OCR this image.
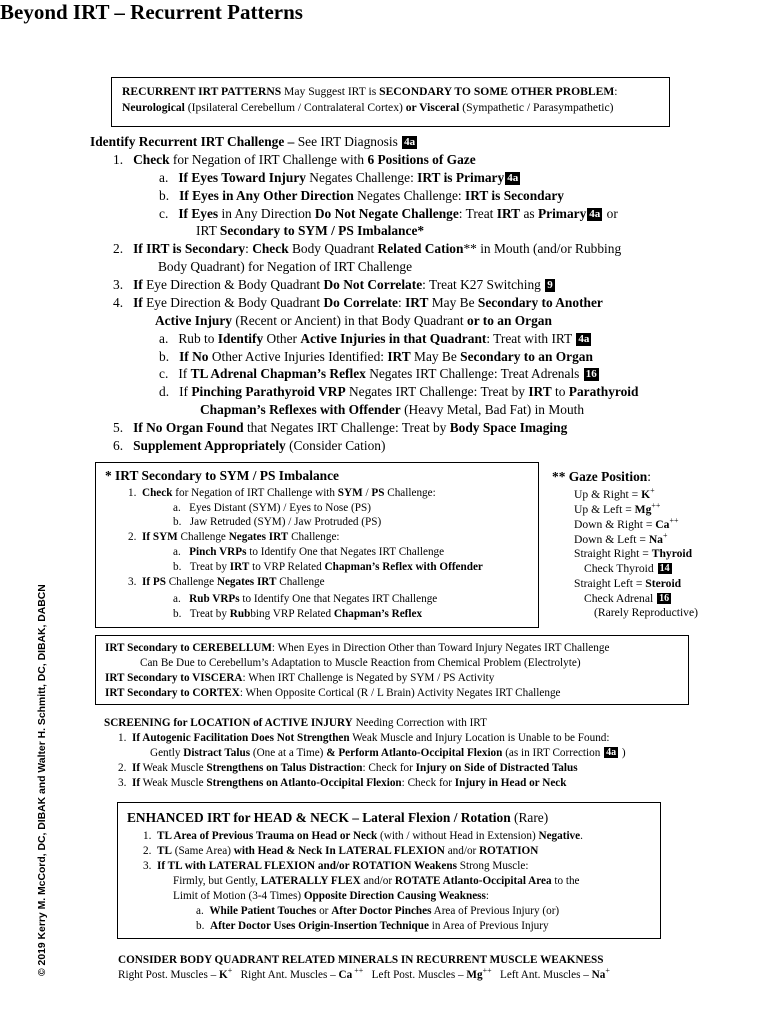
Beyond IRT – Recurrent Patterns
RECURRENT IRT PATTERNS May Suggest IRT is SECONDARY TO SOME OTHER PROBLEM:
Neurological (Ipsilateral Cerebellum / Contralateral Cortex) or Visceral (Sympathetic / Parasympathetic)
Identify Recurrent IRT Challenge – See IRT Diagnosis 4a
1. Check for Negation of IRT Challenge with 6 Positions of Gaze
a. If Eyes Toward Injury Negates Challenge: IRT is Primary 4a
b. If Eyes in Any Other Direction Negates Challenge: IRT is Secondary
c. If Eyes in Any Direction Do Not Negate Challenge: Treat IRT as Primary 4a or
IRT Secondary to SYM / PS Imbalance*
2. If IRT is Secondary: Check Body Quadrant Related Cation** in Mouth (and/or Rubbing
Body Quadrant) for Negation of IRT Challenge
3. If Eye Direction & Body Quadrant Do Not Correlate: Treat K27 Switching 9
4. If Eye Direction & Body Quadrant Do Correlate: IRT May Be Secondary to Another
Active Injury (Recent or Ancient) in that Body Quadrant or to an Organ
a. Rub to Identify Other Active Injuries in that Quadrant: Treat with IRT 4a
b. If No Other Active Injuries Identified: IRT May Be Secondary to an Organ
c. If TL Adrenal Chapman’s Reflex Negates IRT Challenge: Treat Adrenals 16
d. If Pinching Parathyroid VRP Negates IRT Challenge: Treat by IRT to Parathyroid
Chapman’s Reflexes with Offender (Heavy Metal, Bad Fat) in Mouth
5. If No Organ Found that Negates IRT Challenge: Treat by Body Space Imaging
6. Supplement Appropriately (Consider Cation)
* IRT Secondary to SYM / PS Imbalance
1. Check for Negation of IRT Challenge with SYM / PS Challenge:
a. Eyes Distant (SYM) / Eyes to Nose (PS)
b. Jaw Retruded (SYM) / Jaw Protruded (PS)
2. If SYM Challenge Negates IRT Challenge:
a. Pinch VRPs to Identify One that Negates IRT Challenge
b. Treat by IRT to VRP Related Chapman’s Reflex with Offender
3. If PS Challenge Negates IRT Challenge
a. Rub VRPs to Identify One that Negates IRT Challenge
b. Treat by Rubbing VRP Related Chapman’s Reflex
** Gaze Position:
Up & Right = K+
Up & Left = Mg++
Down & Right = Ca++
Down & Left = Na+
Straight Right = Thyroid
Check Thyroid 14
Straight Left = Steroid
Check Adrenal 16
(Rarely Reproductive)
IRT Secondary to CEREBELLUM: When Eyes in Direction Other than Toward Injury Negates IRT Challenge
Can Be Due to Cerebellum’s Adaptation to Muscle Reaction from Chemical Problem (Electrolyte)
IRT Secondary to VISCERA: When IRT Challenge is Negated by SYM / PS Activity
IRT Secondary to CORTEX: When Opposite Cortical (R / L Brain) Activity Negates IRT Challenge
SCREENING for LOCATION of ACTIVE INJURY Needing Correction with IRT
1. If Autogenic Facilitation Does Not Strengthen Weak Muscle and Injury Location is Unable to be Found:
Gently Distract Talus (One at a Time) & Perform Atlanto-Occipital Flexion (as in IRT Correction 4a )
2. If Weak Muscle Strengthens on Talus Distraction: Check for Injury on Side of Distracted Talus
3. If Weak Muscle Strengthens on Atlanto-Occipital Flexion: Check for Injury in Head or Neck
ENHANCED IRT for HEAD & NECK – Lateral Flexion / Rotation (Rare)
1. TL Area of Previous Trauma on Head or Neck (with / without Head in Extension) Negative.
2. TL (Same Area) with Head & Neck In LATERAL FLEXION and/or ROTATION
3. If TL with LATERAL FLEXION and/or ROTATION Weakens Strong Muscle:
Firmly, but Gently, LATERALLY FLEX and/or ROTATE Atlanto-Occipital Area to the
Limit of Motion (3-4 Times) Opposite Direction Causing Weakness:
a. While Patient Touches or After Doctor Pinches Area of Previous Injury (or)
b. After Doctor Uses Origin-Insertion Technique in Area of Previous Injury
CONSIDER BODY QUADRANT RELATED MINERALS IN RECURRENT MUSCLE WEAKNESS
Right Post. Muscles – K+   Right Ant. Muscles – Ca ++   Left Post. Muscles – Mg++   Left Ant. Muscles – Na+
© 2019 Kerry M. McCord, DC, DIBAK and Walter H. Schmitt, DC, DIBAK, DABCN
